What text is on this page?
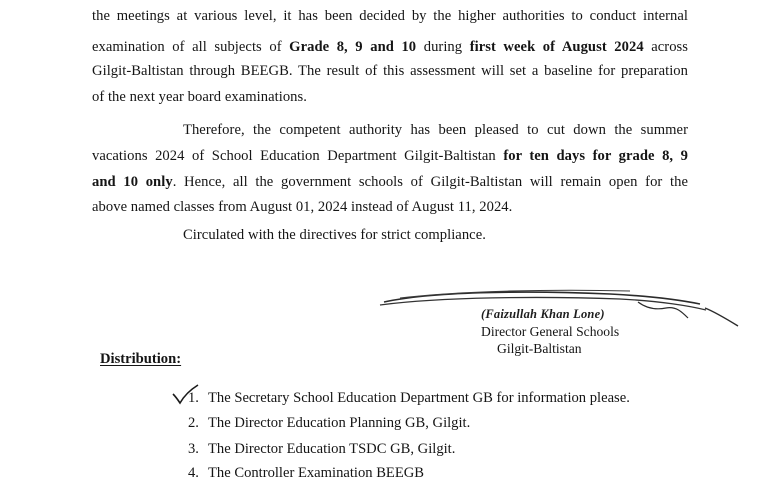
the meetings at various level, it has been decided by the higher authorities to conduct internal
examination of all subjects of Grade 8, 9 and 10 during first week of August 2024 across
Gilgit-Baltistan through BEEGB. The result of this assessment will set a baseline for preparation
of the next year board examinations.
Therefore, the competent authority has been pleased to cut down the summer
vacations 2024 of School Education Department Gilgit-Baltistan for ten days for grade 8, 9
and 10 only. Hence, all the government schools of Gilgit-Baltistan will remain open for the
above named classes from August 01, 2024 instead of August 11, 2024.
Circulated with the directives for strict compliance.
(Faizullah Khan Lone)
Director General Schools
Gilgit-Baltistan
Distribution:
1. The Secretary School Education Department GB for information please.
2. The Director Education Planning GB, Gilgit.
3. The Director Education TSDC GB, Gilgit.
4. The Controller Examination BEEGB
